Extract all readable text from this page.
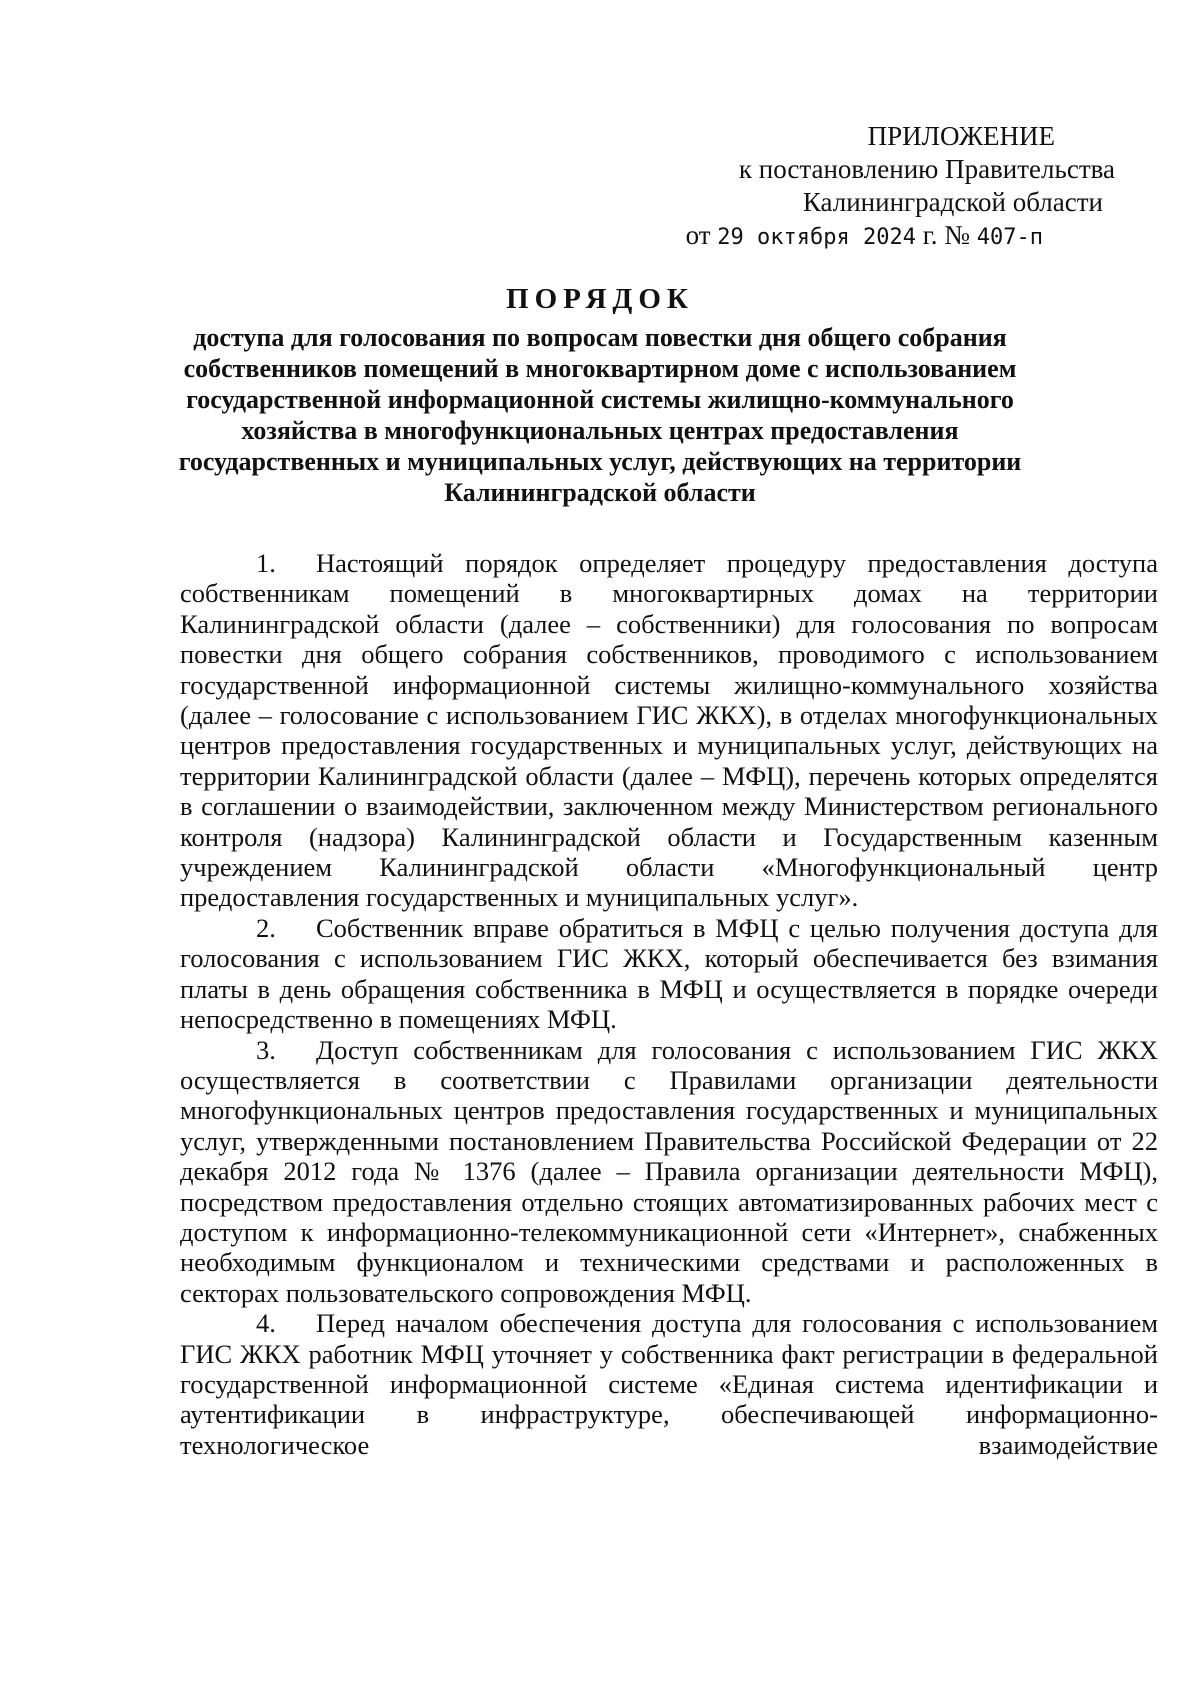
ПРИЛОЖЕНИЕ
к постановлению Правительства
Калининградской области
от 29 октября 2024 г. № 407-п
ПОРЯДОК
доступа для голосования по вопросам повестки дня общего собрания
собственников помещений в многоквартирном доме с использованием
государственной информационной системы жилищно-коммунального
хозяйства в многофункциональных центрах предоставления
государственных и муниципальных услуг, действующих на территории
Калининградской области

1. Настоящий порядок определяет процедуру предоставления доступа собственникам помещений в многоквартирных домах на территории Калининградской области (далее – собственники) для голосования по вопросам повестки дня общего собрания собственников, проводимого с использованием государственной информационной системы жилищно-коммунального хозяйства (далее – голосование с использованием ГИС ЖКХ), в отделах многофункциональных центров предоставления государственных и муниципальных услуг, действующих на территории Калининградской области (далее – МФЦ), перечень которых определятся в соглашении о взаимодействии, заключенном между Министерством регионального контроля (надзора) Калининградской области и Государственным казенным учреждением Калининградской области «Многофункциональный центр предоставления государственных и муниципальных услуг».

2. Собственник вправе обратиться в МФЦ с целью получения доступа для голосования с использованием ГИС ЖКХ, который обеспечивается без взимания платы в день обращения собственника в МФЦ и осуществляется в порядке очереди непосредственно в помещениях МФЦ.

3. Доступ собственникам для голосования с использованием ГИС ЖКХ осуществляется в соответствии с Правилами организации деятельности многофункциональных центров предоставления государственных и муниципальных услуг, утвержденными постановлением Правительства Российской Федерации от 22 декабря 2012 года № 1376 (далее – Правила организации деятельности МФЦ), посредством предоставления отдельно стоящих автоматизированных рабочих мест с доступом к информационно-телекоммуникационной сети «Интернет», снабженных необходимым функционалом и техническими средствами и расположенных в секторах пользовательского сопровождения МФЦ.

4. Перед началом обеспечения доступа для голосования с использованием ГИС ЖКХ работник МФЦ уточняет у собственника факт регистрации в федеральной государственной информационной системе «Единая система идентификации и аутентификации в инфраструктуре, обеспечивающей информационно-технологическое взаимодействие
